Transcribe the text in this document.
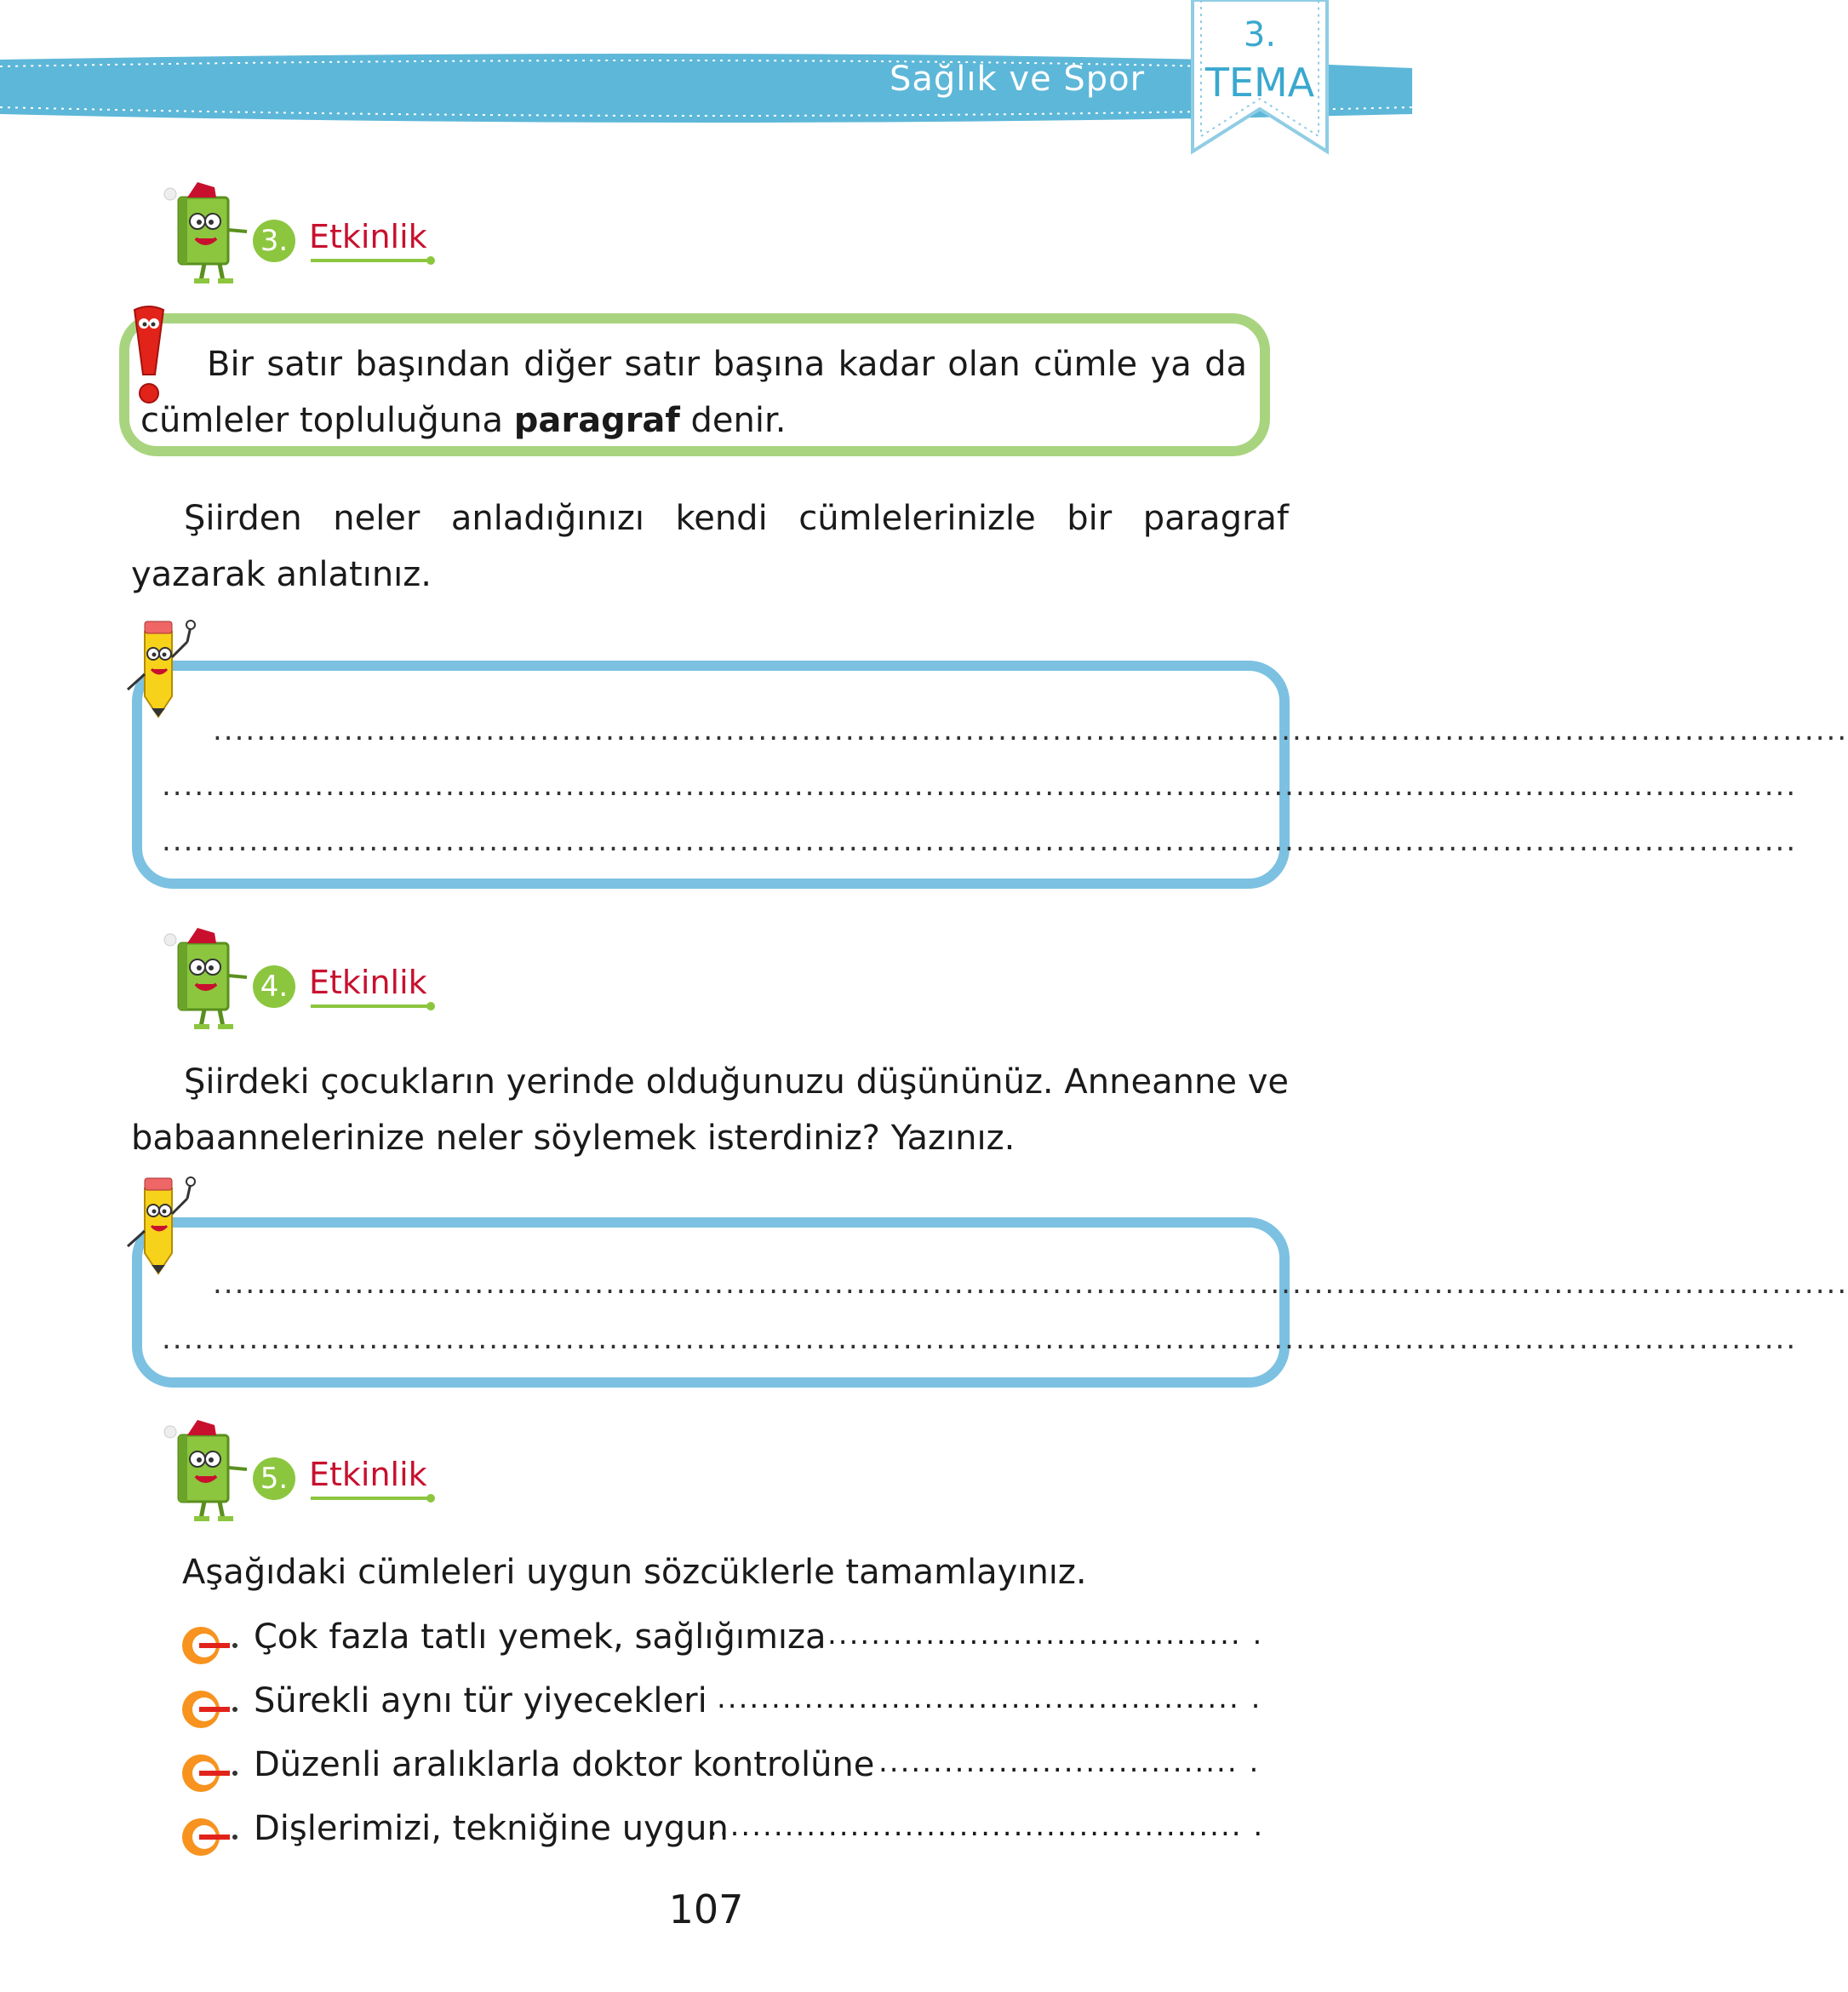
Sağlık ve Spor
3.
TEMA
3. Etkinlik
Bir satır başından diğer satır başına kadar olan cümle ya da cümleler topluluğuna paragraf denir.
Şiirden neler anladığınızı kendi cümlelerinizle bir paragraf yazarak anlatınız.
......................................................................................................................................................
......................................................................................................................................................
......................................................................................................................................................
4. Etkinlik
Şiirdeki çocukların yerinde olduğunuzu düşününüz. Anneanne ve babaannelerinize neler söylemek isterdiniz? Yazınız.
......................................................................................................................................................
......................................................................................................................................................
5. Etkinlik
Aşağıdaki cümleleri uygun sözcüklerle tamamlayınız.
Çok fazla tatlı yemek, sağlığımıza ...................................... .
Sürekli aynı tür yiyecekleri ................................................ .
Düzenli aralıklarla doktor kontrolüne ................................. .
Dişlerimizi, tekniğine uygun
................................................. .
107
